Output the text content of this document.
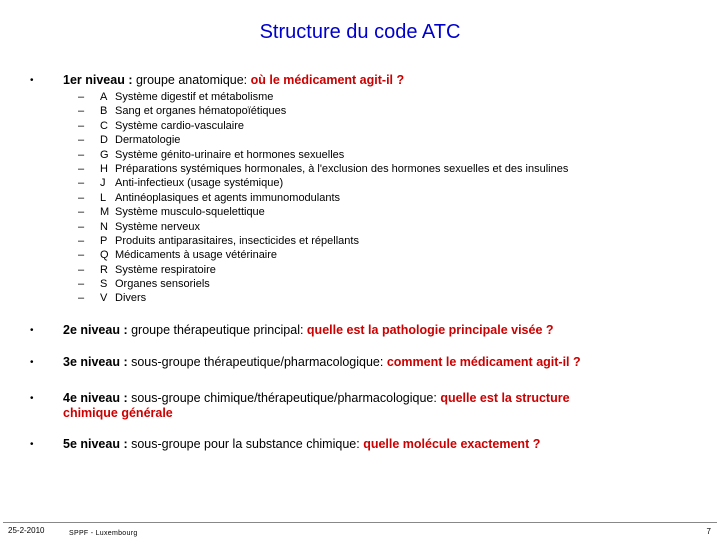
Structure du code ATC
• 1er niveau : groupe anatomique: où le médicament agit-il ?
– A Système digestif et métabolisme
– B Sang et organes hématopoïétiques
– C Système cardio-vasculaire
– D Dermatologie
– G Système génito-urinaire et hormones sexuelles
– H Préparations systémiques hormonales, à l'exclusion des hormones sexuelles et des insulines
– J Anti-infectieux (usage systémique)
– L Antinéoplasiques et agents immunomodulants
– M Système musculo-squelettique
– N Système nerveux
– P Produits antiparasitaires, insecticides et répellants
– Q Médicaments à usage vétérinaire
– R Système respiratoire
– S Organes sensoriels
– V Divers
• 2e niveau : groupe thérapeutique principal: quelle est la pathologie principale visée ?
• 3e niveau : sous-groupe thérapeutique/pharmacologique: comment le médicament agit-il ?
• 4e niveau : sous-groupe chimique/thérapeutique/pharmacologique: quelle est la structure
chimique générale
• 5e niveau : sous-groupe pour la substance chimique: quelle molécule exactement ?
25-2-2010	SPPF - Luxembourg	7
